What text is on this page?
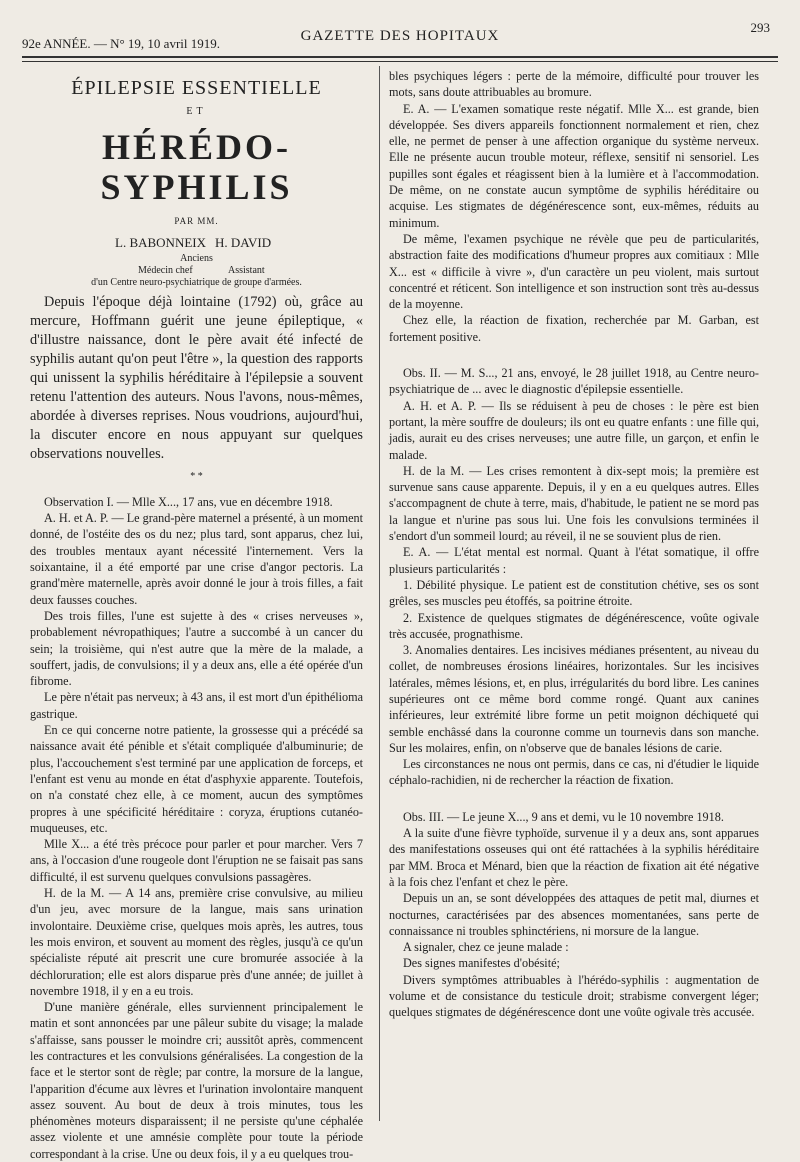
92e ANNÉE. — N° 19, 10 avril 1919.	GAZETTE DES HOPITAUX
293
ÉPILEPSIE ESSENTIELLE
ET
HÉRÉDO-SYPHILIS
PAR MM.
L. BABONNEIX H. DAVID
Anciens
Médecin chef	Assistant
d'un Centre neuro-psychiatrique de groupe d'armées.

Depuis l'époque déjà lointaine (1792) où, grâce au mercure, Hoffmann guérit une jeune épileptique, « d'illustre naissance, dont le père avait été infecté de syphilis autant qu'on peut l'être », la question des rapports qui unissent la syphilis héréditaire à l'épilepsie a souvent retenu l'attention des auteurs. Nous l'avons, nous-mêmes, abordée à diverses reprises. Nous voudrions, aujourd'hui, la discuter encore en nous appuyant sur quelques observations nouvelles.

* *

Observation I. — Mlle X..., 17 ans, vue en décembre 1918.

A. H. et A. P. — Le grand-père maternel a présenté, à un moment donné, de l'ostéite des os du nez; plus tard, sont apparus, chez lui, des troubles mentaux ayant nécessité l'internement. Vers la soixantaine, il a été emporté par une crise d'angor pectoris. La grand'mère maternelle, après avoir donné le jour à trois filles, a fait deux fausses couches.

Des trois filles, l'une est sujette à des « crises nerveuses », probablement névropathiques; l'autre a succombé à un cancer du sein; la troisième, qui n'est autre que la mère de la malade, a souffert, jadis, de convulsions; il y a deux ans, elle a été opérée d'un fibrome.

Le père n'était pas nerveux; à 43 ans, il est mort d'un épithélioma gastrique.

En ce qui concerne notre patiente, la grossesse qui a précédé sa naissance avait été pénible et s'était compliquée d'albuminurie; de plus, l'accouchement s'est terminé par une application de forceps, et l'enfant est venu au monde en état d'asphyxie apparente. Toutefois, on n'a constaté chez elle, à ce moment, aucun des symptômes propres à une spécificité héréditaire : coryza, éruptions cutanéo-muqueuses, etc.

Mlle X... a été très précoce pour parler et pour marcher. Vers 7 ans, à l'occasion d'une rougeole dont l'éruption ne se faisait pas sans difficulté, il est survenu quelques convulsions passagères.

H. de la M. — A 14 ans, première crise convulsive, au milieu d'un jeu, avec morsure de la langue, mais sans urination involontaire. Deuxième crise, quelques mois après, les autres, tous les mois environ, et souvent au moment des règles, jusqu'à ce qu'un spécialiste réputé ait prescrit une cure bromurée associée à la déchloruration; elle est alors disparue près d'une année; de juillet à novembre 1918, il y en a eu trois.

D'une manière générale, elles surviennent principalement le matin et sont annoncées par une pâleur subite du visage; la malade s'affaisse, sans pousser le moindre cri; aussitôt après, commencent les contractures et les convulsions généralisées. La congestion de la face et le stertor sont de règle; par contre, la morsure de la langue, l'apparition d'écume aux lèvres et l'urination involontaire manquent assez souvent. Au bout de deux à trois minutes, tous les phénomènes moteurs disparaissent; il ne persiste qu'une céphalée assez violente et une amnésie complète pour toute la période correspondant à la crise. Une ou deux fois, il y a eu quelques trou-

bles psychiques légers : perte de la mémoire, difficulté pour trouver les mots, sans doute attribuables au bromure.

E. A. — L'examen somatique reste négatif. Mlle X... est grande, bien développée. Ses divers appareils fonctionnent normalement et rien, chez elle, ne permet de penser à une affection organique du système nerveux. Elle ne présente aucun trouble moteur, réflexe, sensitif ni sensoriel. Les pupilles sont égales et réagissent bien à la lumière et à l'accommodation. De même, on ne constate aucun symptôme de syphilis héréditaire ou acquise. Les stigmates de dégénérescence sont, eux-mêmes, réduits au minimum.

De même, l'examen psychique ne révèle que peu de particularités, abstraction faite des modifications d'humeur propres aux comitiaux : Mlle X... est « difficile à vivre », d'un caractère un peu violent, mais surtout concentré et réticent. Son intelligence et son instruction sont très au-dessus de la moyenne.

Chez elle, la réaction de fixation, recherchée par M. Garban, est fortement positive.

Obs. II. — M. S..., 21 ans, envoyé, le 28 juillet 1918, au Centre neuro-psychiatrique de ... avec le diagnostic d'épilepsie essentielle.

A. H. et A. P. — Ils se réduisent à peu de choses : le père est bien portant, la mère souffre de douleurs; ils ont eu quatre enfants : une fille qui, jadis, aurait eu des crises nerveuses; une autre fille, un garçon, et enfin le malade.

H. de la M. — Les crises remontent à dix-sept mois; la première est survenue sans cause apparente. Depuis, il y en a eu quelques autres. Elles s'accompagnent de chute à terre, mais, d'habitude, le patient ne se mord pas la langue et n'urine pas sous lui. Une fois les convulsions terminées il s'endort d'un sommeil lourd; au réveil, il ne se souvient plus de rien.

E. A. — L'état mental est normal. Quant à l'état somatique, il offre plusieurs particularités :

1. Débilité physique. Le patient est de constitution chétive, ses os sont grêles, ses muscles peu étoffés, sa poitrine étroite.

2. Existence de quelques stigmates de dégénérescence, voûte ogivale très accusée, prognathisme.

3. Anomalies dentaires. Les incisives médianes présentent, au niveau du collet, de nombreuses érosions linéaires, horizontales. Sur les incisives latérales, mêmes lésions, et, en plus, irrégularités du bord libre. Les canines supérieures ont ce même bord comme rongé. Quant aux canines inférieures, leur extrémité libre forme un petit moignon déchiqueté qui semble enchâssé dans la couronne comme un tournevis dans son manche. Sur les molaires, enfin, on n'observe que de banales lésions de carie.

Les circonstances ne nous ont permis, dans ce cas, ni d'étudier le liquide céphalo-rachidien, ni de rechercher la réaction de fixation.

Obs. III. — Le jeune X..., 9 ans et demi, vu le 10 novembre 1918.

A la suite d'une fièvre typhoïde, survenue il y a deux ans, sont apparues des manifestations osseuses qui ont été rattachées à la syphilis héréditaire par MM. Broca et Ménard, bien que la réaction de fixation ait été négative à la fois chez l'enfant et chez le père.

Depuis un an, se sont développées des attaques de petit mal, diurnes et nocturnes, caractérisées par des absences momentanées, sans perte de connaissance ni troubles sphinctériens, ni morsure de la langue.

A signaler, chez ce jeune malade :

Des signes manifestes d'obésité;

Divers symptômes attribuables à l'hérédo-syphilis : augmentation de volume et de consistance du testicule droit; strabisme convergent léger; quelques stigmates de dégénérescence dont une voûte ogivale très accusée.
